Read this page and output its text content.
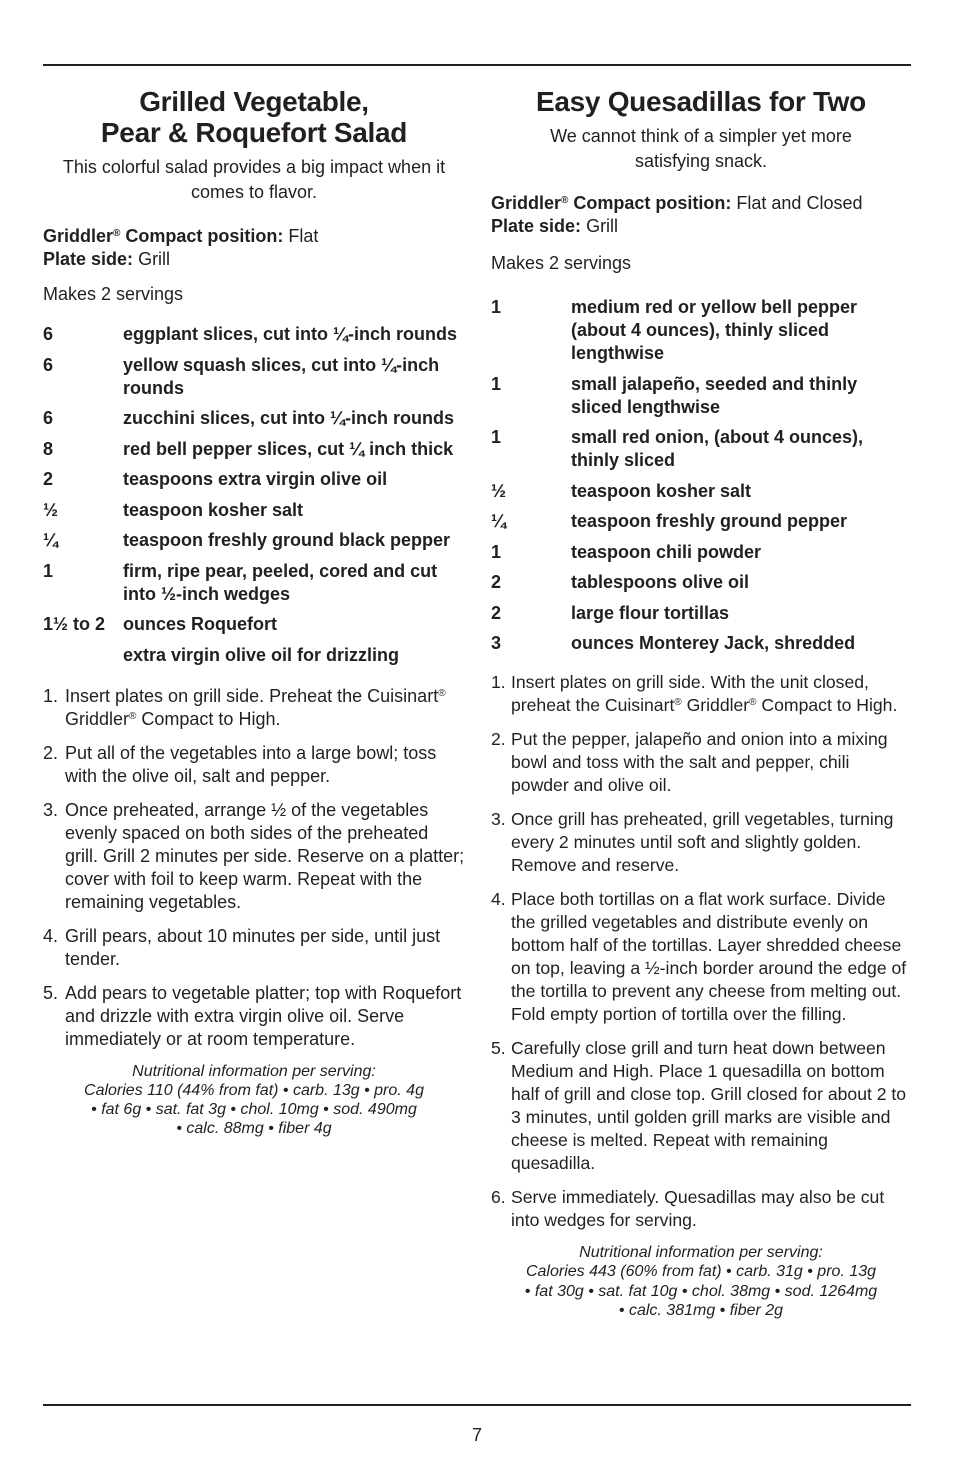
Grilled Vegetable,
Pear & Roquefort Salad

This colorful salad provides a big impact when it comes to flavor.

Griddler® Compact position: Flat
Plate side: Grill
Makes 2 servings
6	eggplant slices, cut into ¼-inch rounds
6	yellow squash slices, cut into ¼-inch rounds
6	zucchini slices, cut into ¼-inch rounds
8	red bell pepper slices, cut ¼ inch thick
2	teaspoons extra virgin olive oil
½	teaspoon kosher salt
¼	teaspoon freshly ground black pepper
1	firm, ripe pear, peeled, cored and cut into ½-inch wedges
1½ to 2 ounces Roquefort
extra virgin olive oil for drizzling
1. Insert plates on grill side. Preheat the Cuisinart® Griddler® Compact to High.
2. Put all of the vegetables into a large bowl; toss with the olive oil, salt and pepper.
3. Once preheated, arrange ½ of the vegetables evenly spaced on both sides of the preheated grill. Grill 2 minutes per side. Reserve on a platter; cover with foil to keep warm. Repeat with the remaining vegetables.
4. Grill pears, about 10 minutes per side, until just tender.
5. Add pears to vegetable platter; top with Roquefort and drizzle with extra virgin olive oil. Serve immediately or at room temperature.
Nutritional information per serving:
Calories 110 (44% from fat) • carb. 13g • pro. 4g
• fat 6g • sat. fat 3g • chol. 10mg • sod. 490mg
• calc. 88mg • fiber 4g
Easy Quesadillas for Two

We cannot think of a simpler yet more satisfying snack.

Griddler® Compact position: Flat and Closed
Plate side: Grill
Makes 2 servings
1	medium red or yellow bell pepper (about 4 ounces), thinly sliced lengthwise
1	small jalapeño, seeded and thinly sliced lengthwise
1	small red onion, (about 4 ounces), thinly sliced
½	teaspoon kosher salt
¼	teaspoon freshly ground pepper
1	teaspoon chili powder
2	tablespoons olive oil
2	large flour tortillas
3	ounces Monterey Jack, shredded
1. Insert plates on grill side. With the unit closed, preheat the Cuisinart® Griddler® Compact to High.
2. Put the pepper, jalapeño and onion into a mixing bowl and toss with the salt and pepper, chili powder and olive oil.
3. Once grill has preheated, grill vegetables, turning every 2 minutes until soft and slightly golden. Remove and reserve.
4. Place both tortillas on a flat work surface. Divide the grilled vegetables and distribute evenly on bottom half of the tortillas. Layer shredded cheese on top, leaving a ½-inch border around the edge of the tortilla to prevent any cheese from melting out. Fold empty portion of tortilla over the filling.
5. Carefully close grill and turn heat down between Medium and High. Place 1 quesadilla on bottom half of grill and close top. Grill closed for about 2 to 3 minutes, until golden grill marks are visible and cheese is melted. Repeat with remaining quesadilla.
6. Serve immediately. Quesadillas may also be cut into wedges for serving.
Nutritional information per serving:
Calories 443 (60% from fat) • carb. 31g • pro. 13g
• fat 30g • sat. fat 10g • chol. 38mg • sod. 1264mg
• calc. 381mg • fiber 2g
7
